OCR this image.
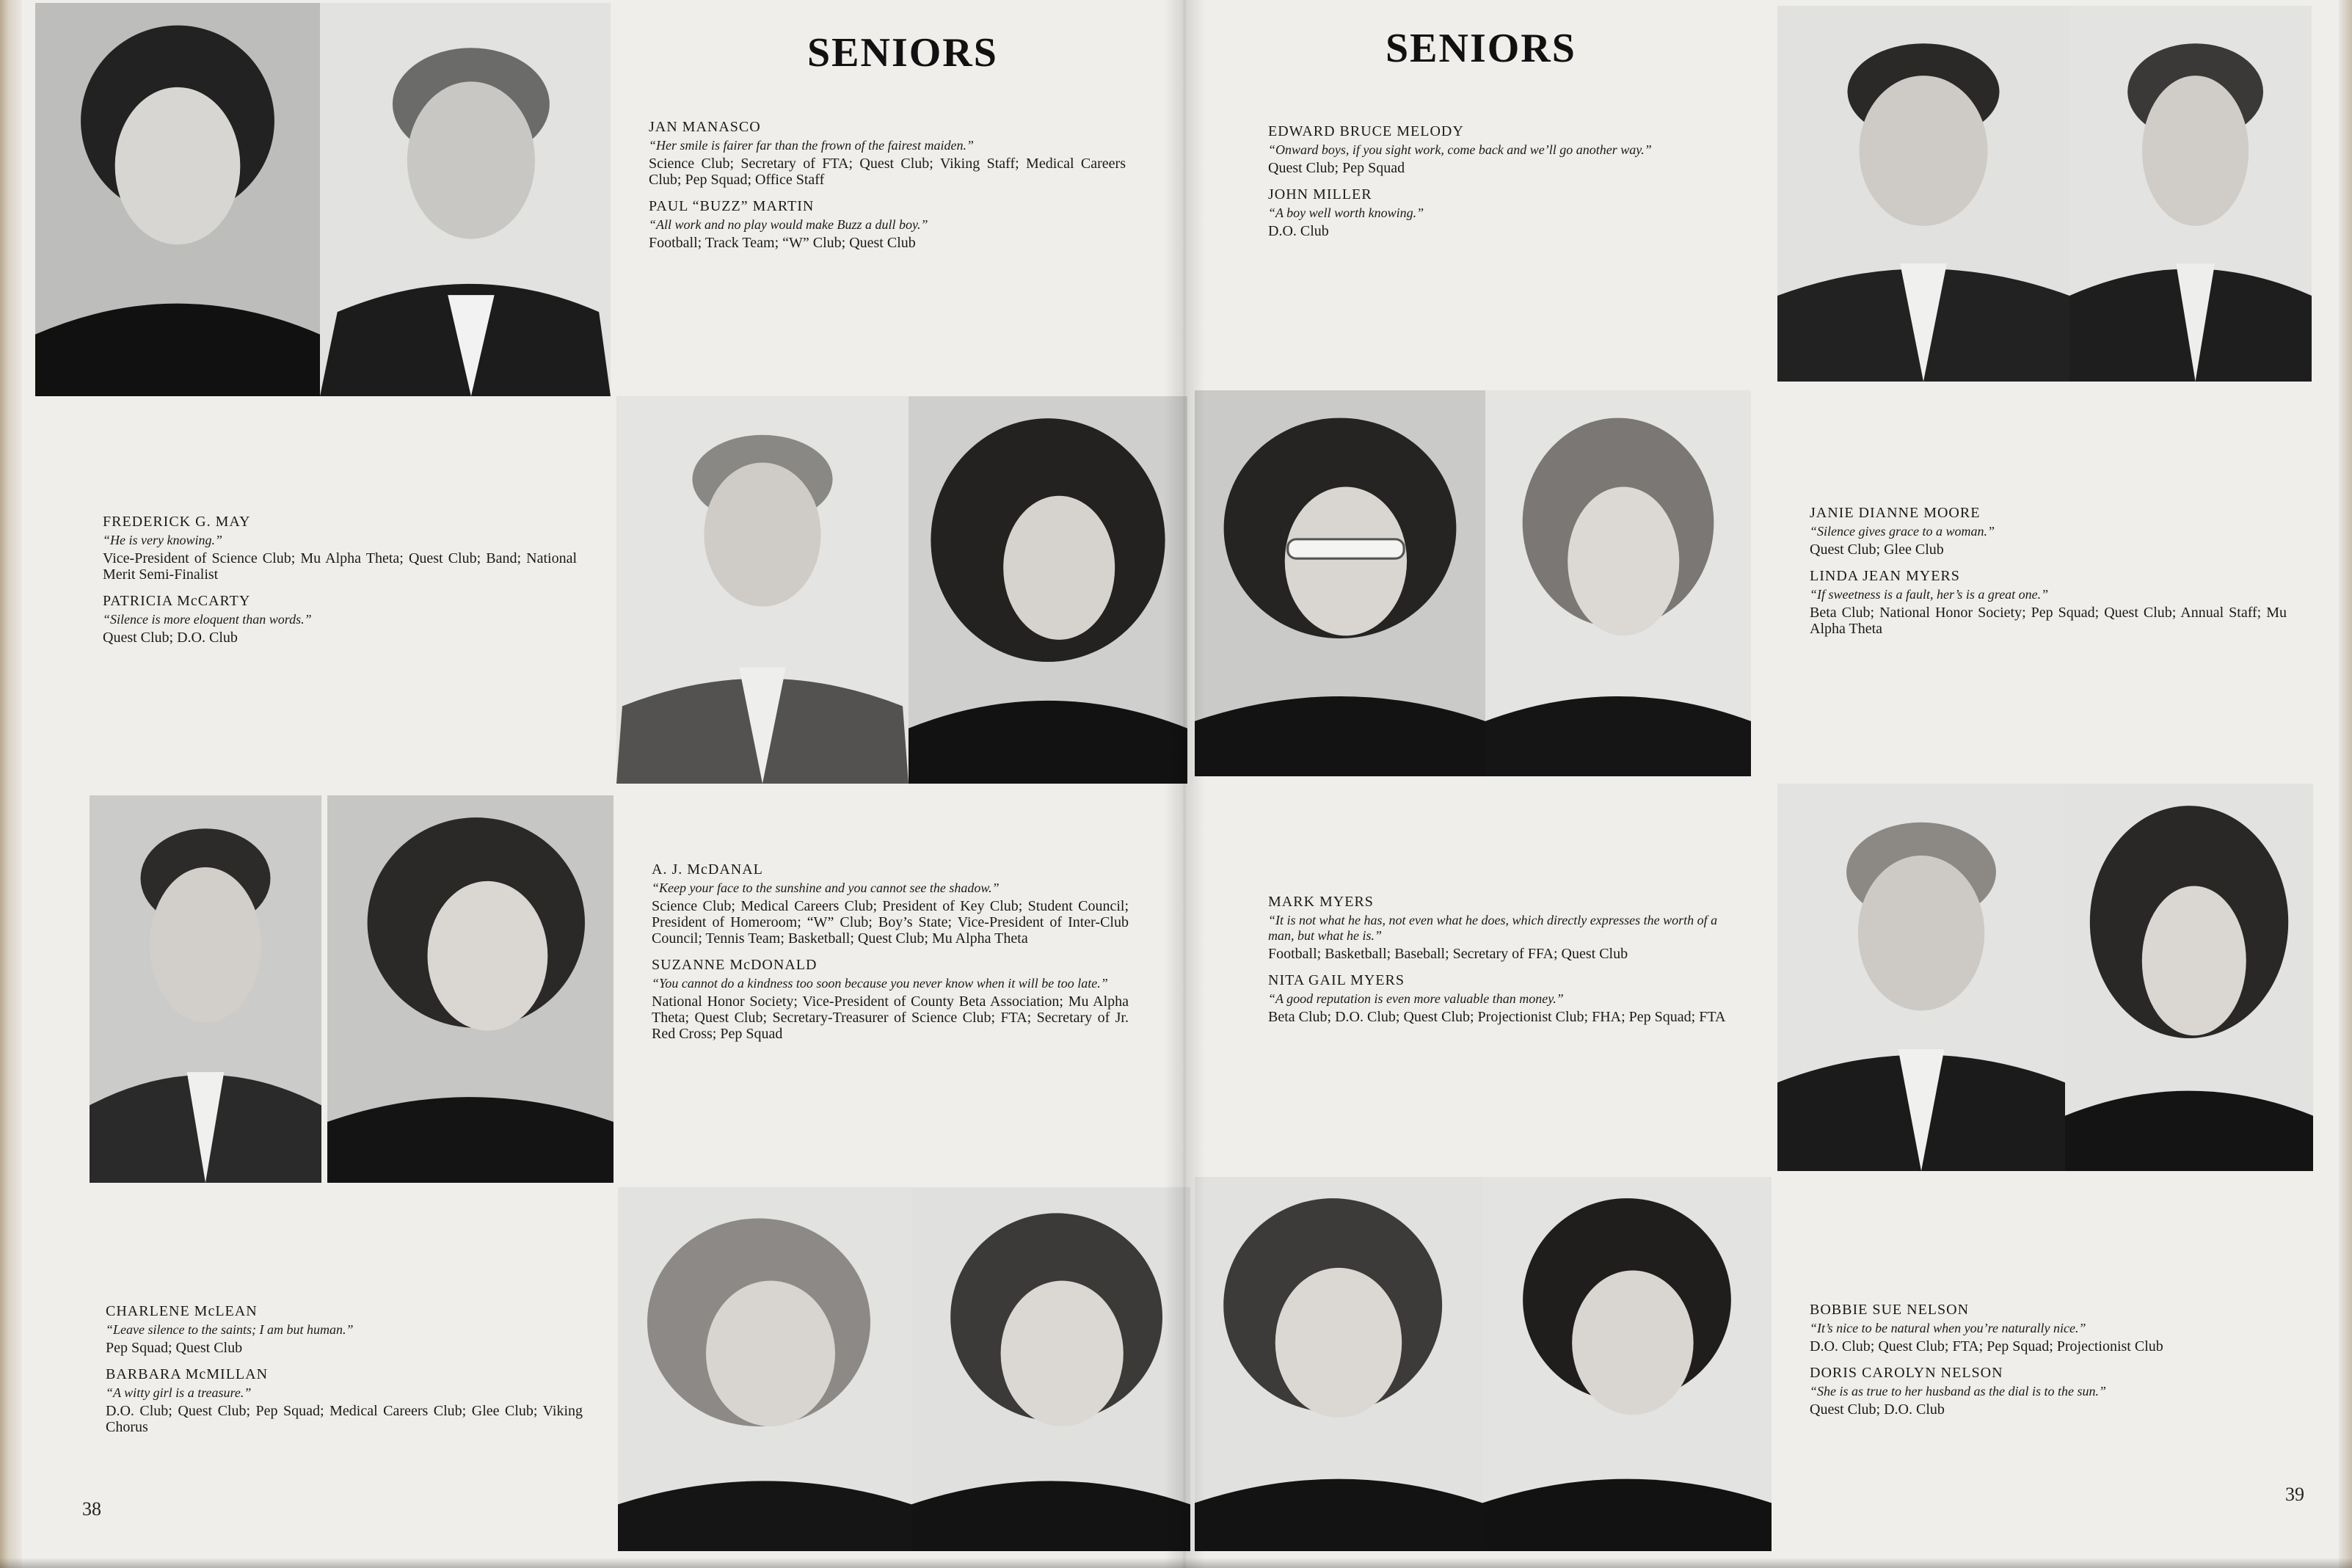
SENIORS
JAN MANASCO
“Her smile is fairer far than the frown of the fairest maiden.”
Science Club; Secretary of FTA; Quest Club; Viking Staff; Medical Careers Club; Pep Squad; Office Staff
PAUL “BUZZ” MARTIN
“All work and no play would make Buzz a dull boy.”
Football; Track Team; “W” Club; Quest Club
FREDERICK G. MAY
“He is very knowing.”
Vice-President of Science Club; Mu Alpha Theta; Quest Club; Band; National Merit Semi-Finalist
PATRICIA McCARTY
“Silence is more eloquent than words.”
Quest Club; D.O. Club
A. J. McDANAL
“Keep your face to the sunshine and you cannot see the shadow.”
Science Club; Medical Careers Club; President of Key Club; Student Council; President of Homeroom; “W” Club; Boy’s State; Vice-President of Inter-Club Council; Tennis Team; Basketball; Quest Club; Mu Alpha Theta
SUZANNE McDONALD
“You cannot do a kindness too soon because you never know when it will be too late.”
National Honor Society; Vice-President of County Beta Association; Mu Alpha Theta; Quest Club; Secretary-Treasurer of Science Club; FTA; Secretary of Jr. Red Cross; Pep Squad
CHARLENE McLEAN
“Leave silence to the saints; I am but human.”
Pep Squad; Quest Club
BARBARA McMILLAN
“A witty girl is a treasure.”
D.O. Club; Quest Club; Pep Squad; Medical Careers Club; Glee Club; Viking Chorus
38
SENIORS
EDWARD BRUCE MELODY
“Onward boys, if you sight work, come back and we’ll go another way.”
Quest Club; Pep Squad
JOHN MILLER
“A boy well worth knowing.”
D.O. Club
JANIE DIANNE MOORE
“Silence gives grace to a woman.”
Quest Club; Glee Club
LINDA JEAN MYERS
“If sweetness is a fault, her’s is a great one.”
Beta Club; National Honor Society; Pep Squad; Quest Club; Annual Staff; Mu Alpha Theta
MARK MYERS
“It is not what he has, not even what he does, which directly expresses the worth of a man, but what he is.”
Football; Basketball; Baseball; Secretary of FFA; Quest Club
NITA GAIL MYERS
“A good reputation is even more valuable than money.”
Beta Club; D.O. Club; Quest Club; Projectionist Club; FHA; Pep Squad; FTA
BOBBIE SUE NELSON
“It’s nice to be natural when you’re naturally nice.”
D.O. Club; Quest Club; FTA; Pep Squad; Projectionist Club
DORIS CAROLYN NELSON
“She is as true to her husband as the dial is to the sun.”
Quest Club; D.O. Club
39
